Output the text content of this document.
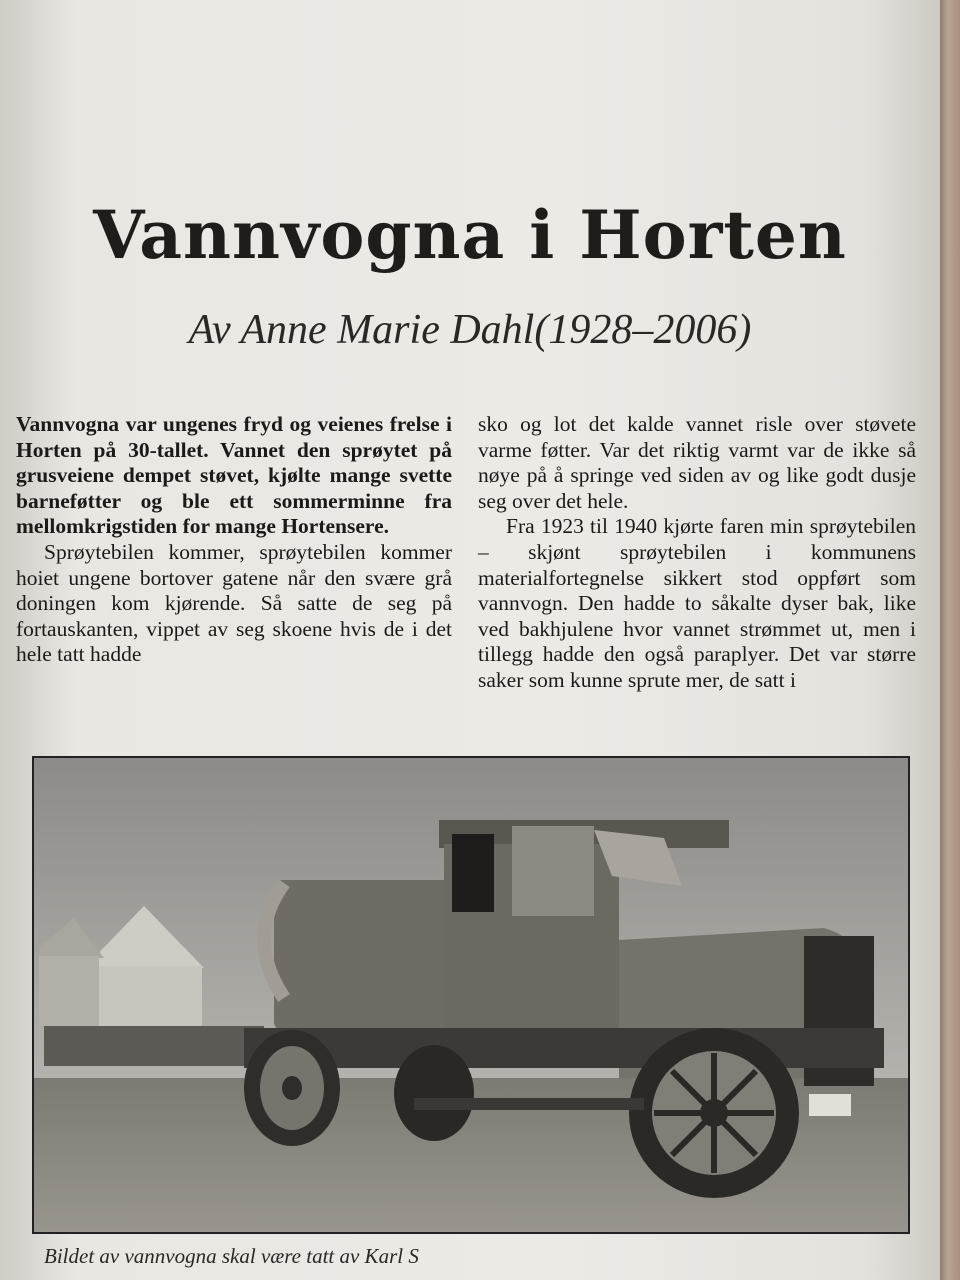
Vannvogna i Horten
Av Anne Marie Dahl(1928–2006)

Vannvogna var ungenes fryd og veienes frelse i Horten på 30-tallet. Vannet den sprøytet på grusveiene dempet støvet, kjølte mange svette barneføtter og ble ett sommerminne fra mellomkrigstiden for mange Hortensere.

Sprøytebilen kommer, sprøytebilen kommer hoiet ungene bortover gatene når den svære grå doningen kom kjørende. Så satte de seg på fortauskanten, vippet av seg skoene hvis de i det hele tatt hadde

sko og lot det kalde vannet risle over støvete varme føtter. Var det riktig varmt var de ikke så nøye på å springe ved siden av og like godt dusje seg over det hele.

Fra 1923 til 1940 kjørte faren min sprøytebilen – skjønt sprøytebilen i kommunens materialfortegnelse sikkert stod oppført som vannvogn. Den hadde to såkalte dyser bak, like ved bakhjulene hvor vannet strømmet ut, men i tillegg hadde den også paraplyer. Det var større saker som kunne sprute mer, de satt i

Bildet av vannvogna skal være tatt av Karl S
